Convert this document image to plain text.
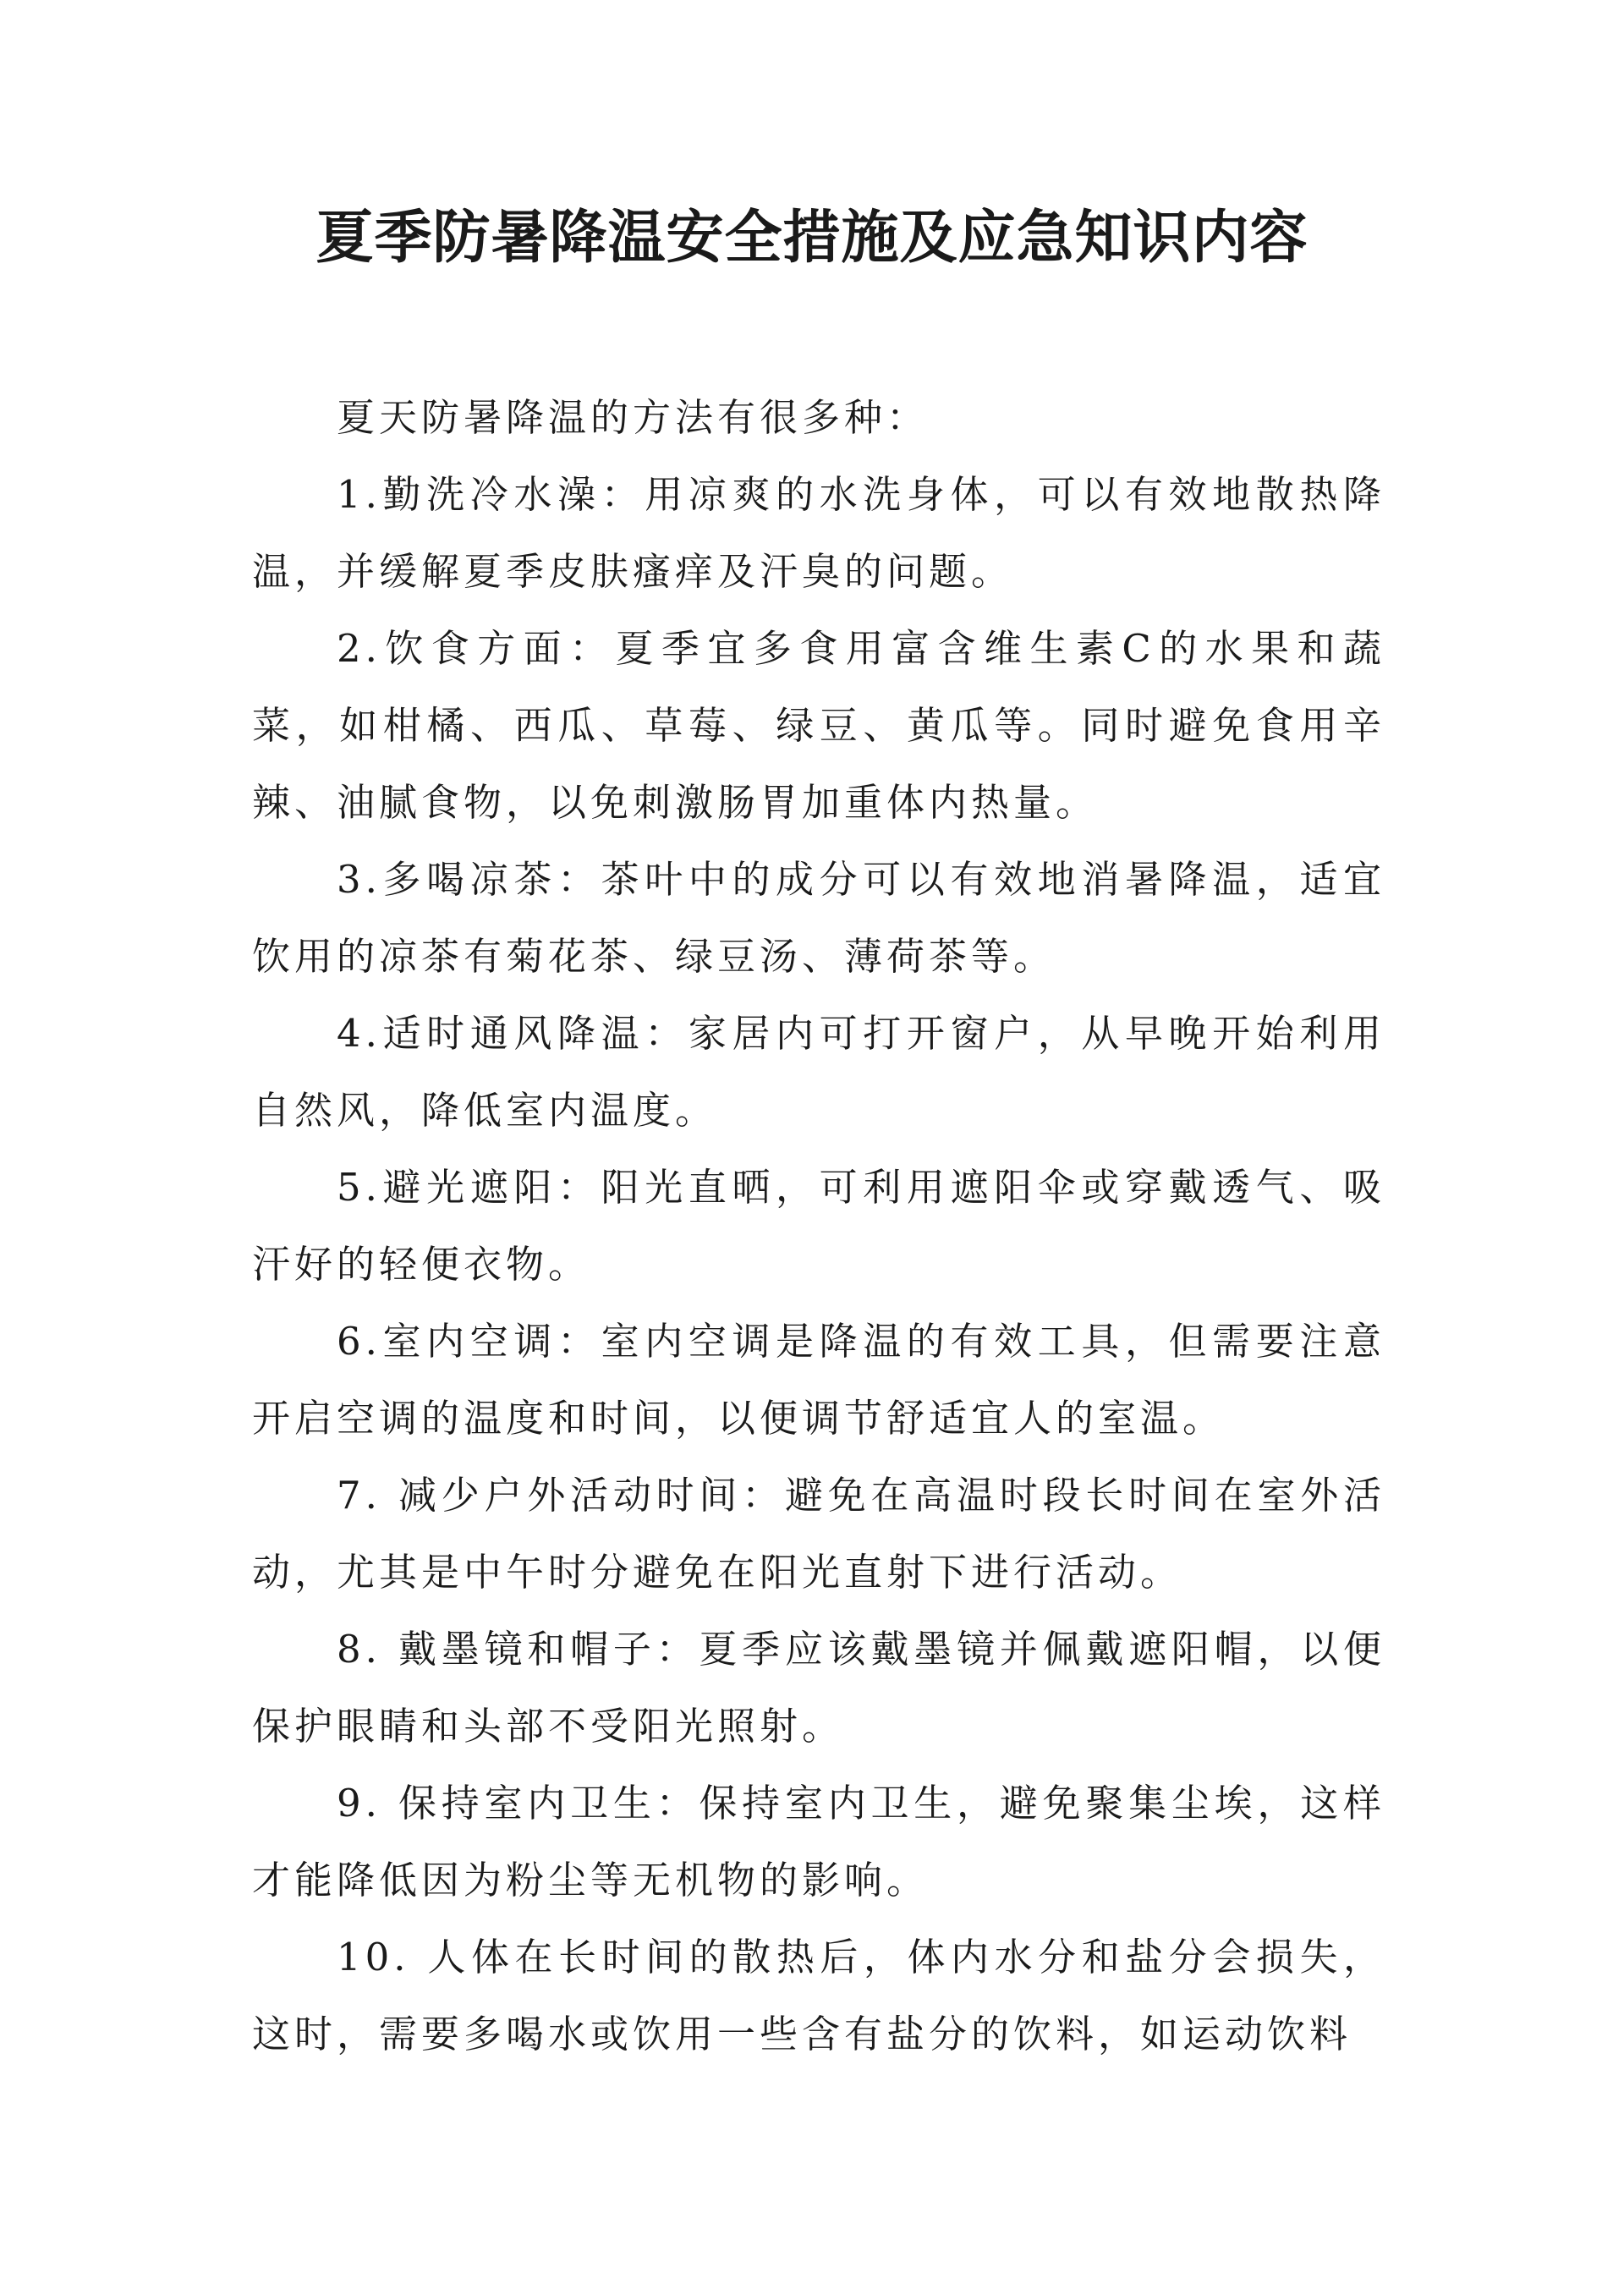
夏季防暑降温安全措施及应急知识内容

夏天防暑降温的方法有很多种：

1.勤洗冷水澡：用凉爽的水洗身体，可以有效地散热降温，并缓解夏季皮肤瘙痒及汗臭的问题。

2.饮食方面：夏季宜多食用富含维生素C的水果和蔬菜，如柑橘、西瓜、草莓、绿豆、黄瓜等。同时避免食用辛辣、油腻食物，以免刺激肠胃加重体内热量。

3.多喝凉茶：茶叶中的成分可以有效地消暑降温，适宜饮用的凉茶有菊花茶、绿豆汤、薄荷茶等。

4.适时通风降温：家居内可打开窗户，从早晚开始利用自然风，降低室内温度。

5.避光遮阳：阳光直晒，可利用遮阳伞或穿戴透气、吸汗好的轻便衣物。

6.室内空调：室内空调是降温的有效工具，但需要注意开启空调的温度和时间，以便调节舒适宜人的室温。

7. 减少户外活动时间：避免在高温时段长时间在室外活动，尤其是中午时分避免在阳光直射下进行活动。

8. 戴墨镜和帽子：夏季应该戴墨镜并佩戴遮阳帽，以便保护眼睛和头部不受阳光照射。

9. 保持室内卫生：保持室内卫生，避免聚集尘埃，这样才能降低因为粉尘等无机物的影响。

10. 人体在长时间的散热后，体内水分和盐分会损失，这时，需要多喝水或饮用一些含有盐分的饮料，如运动饮料
